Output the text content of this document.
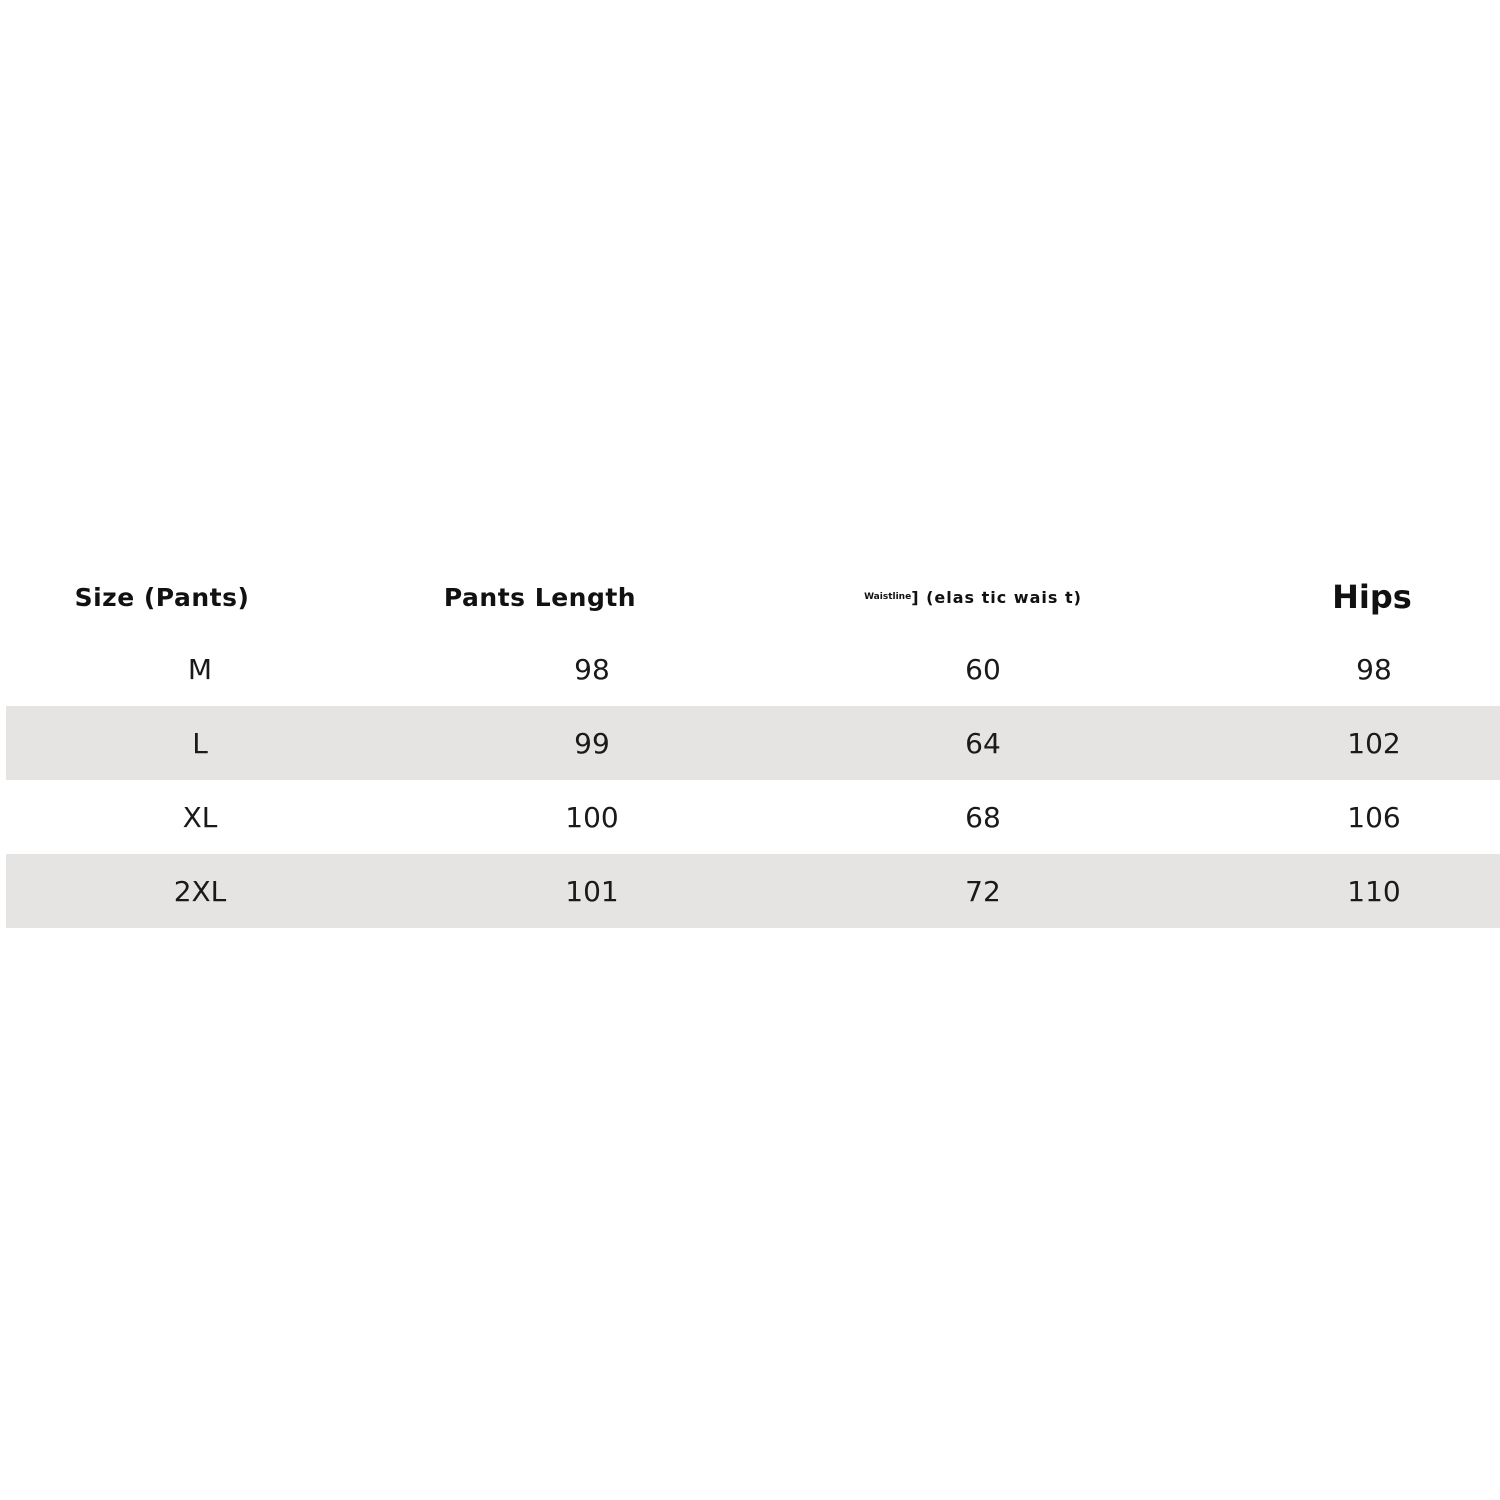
Size (Pants)	Pants Length	$^{Waistline}$] (elas tic wais t)	Hips
M	98	60	98
L	99	64	102
XL	100	68	106
2XL	101	72	110
